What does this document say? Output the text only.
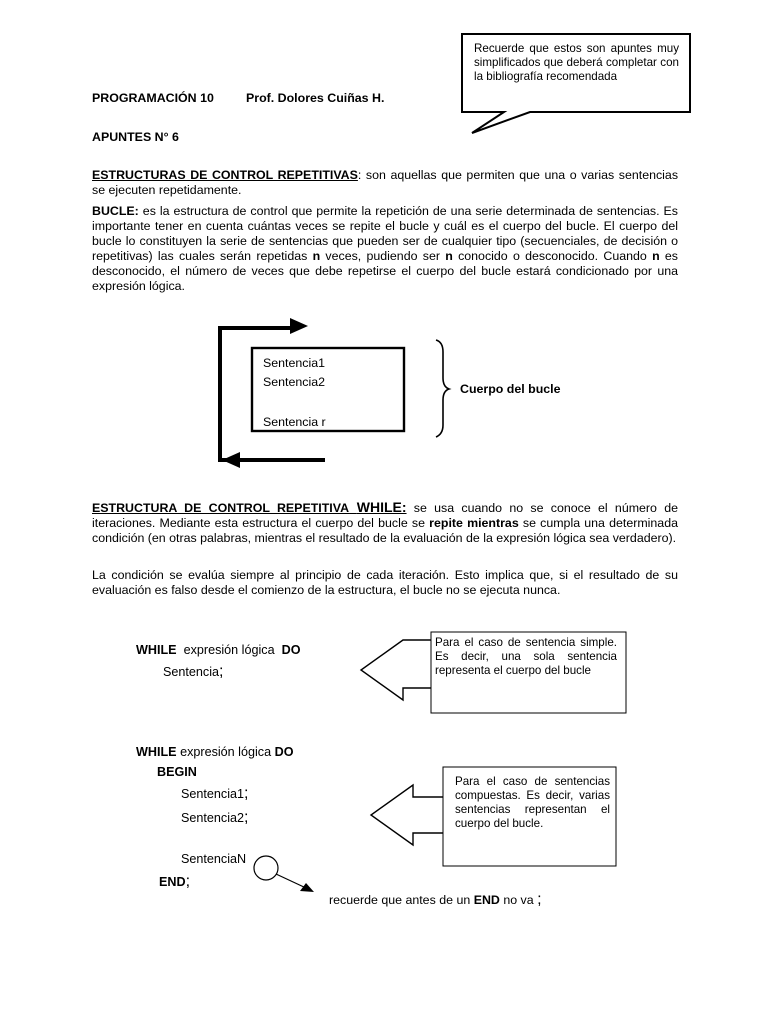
Recuerde que estos son apuntes muy simplificados que deberá completar con la bibliografía recomendada
PROGRAMACIÓN 10	Prof. Dolores Cuiñas H.
APUNTES N° 6
ESTRUCTURAS DE CONTROL REPETITIVAS: son aquellas que permiten que una o varias sentencias se ejecuten repetidamente.
BUCLE: es la estructura de control que permite la repetición de una serie determinada de sentencias. Es importante tener en cuenta cuántas veces se repite el bucle y cuál es el cuerpo del bucle. El cuerpo del bucle lo constituyen la serie de sentencias que pueden ser de cualquier tipo (secuenciales, de decisión o repetitivas) las cuales serán repetidas n veces, pudiendo ser n conocido o desconocido. Cuando n es desconocido, el número de veces que debe repetirse el cuerpo del bucle estará condicionado por una expresión lógica.
Sentencia1
Sentencia2
Sentencia r
Cuerpo del bucle
ESTRUCTURA DE CONTROL REPETITIVA WHILE: se usa cuando no se conoce el número de iteraciones. Mediante esta estructura el cuerpo del bucle se repite mientras se cumpla una determinada condición (en otras palabras, mientras el resultado de la evaluación de la expresión lógica sea verdadero).
La condición se evalúa siempre al principio de cada iteración. Esto implica que, si el resultado de su evaluación es falso desde el comienzo de la estructura, el bucle no se ejecuta nunca.
WHILE expresión lógica DO
Sentencia;
Para el caso de sentencia simple. Es decir, una sola sentencia representa el cuerpo del bucle
WHILE expresión lógica DO
BEGIN
Sentencia1;
Sentencia2;
SentenciaN
END;
Para el caso de sentencias compuestas. Es decir, varias sentencias representan el cuerpo del bucle.
recuerde que antes de un END no va ;
